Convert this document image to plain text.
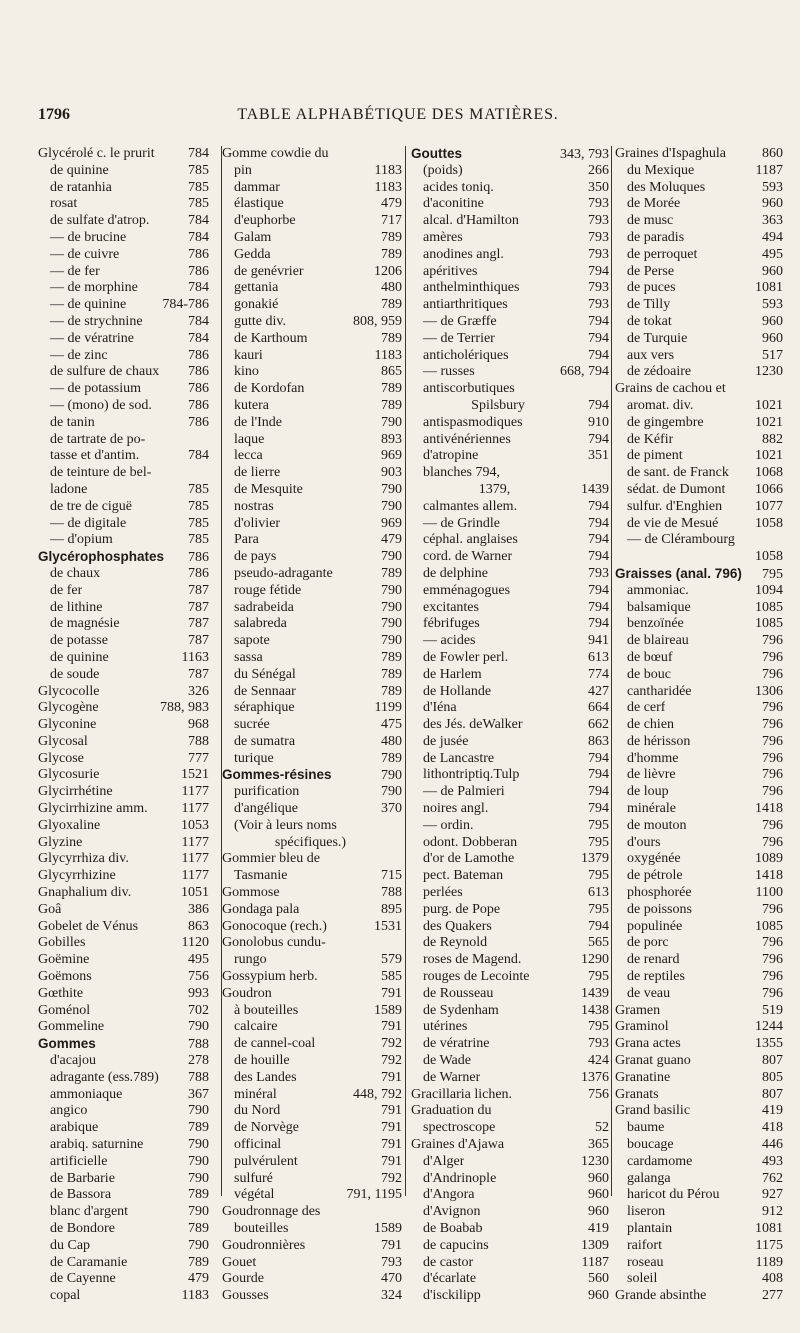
1796	TABLE ALPHABÉTIQUE DES MATIÈRES.
Glycérolé c. le prurit 784
de quinine	785
de ratanhia	785
rosat	785
de sulfate d'atrop.	784
— de brucine	784
— de cuivre	786
— de fer	786
— de morphine	784
— de quinine	784-786
— de strychnine	784
— de vératrine	784
— de zinc	786
de sulfure de chaux 786
— de potassium	786
— (mono) de sod.	786
de tanin	786
de tartrate de po-
tasse et d'antim.	784
de teinture de bel-
ladone	785
de tre de ciguë	785
— de digitale	785
— d'opium	785
Glycérophosphates 786
de chaux	786
de fer	787
de lithine	787
de magnésie	787
de potasse	787
de quinine	1163
de soude	787
Glycocolle	326
Glycogène	788, 983
Glyconine	968
Glycosal	788
Glycose	777
Glycosurie	1521
Glycirrhétine	1177
Glycirrhizine amm. 1177
Glyoxaline	1053
Glyzine	1177
Glycyrrhiza div.	1177
Glycyrrhizine	1177
Gnaphalium div.	1051
Goâ	386
Gobelet de Vénus	863
Gobilles	1120
Goëmine	495
Goëmons	756
Gœthite	993
Goménol	702
Gommeline	790
Gommes	788
d'acajou	278
adragante (ess.789) 788
ammoniaque	367
angico	790
arabique	789
arabiq. saturnine	790
artificielle	790
de Barbarie	790
de Bassora	789
blanc d'argent	790
de Bondore	789
du Cap	790
de Caramanie	789
de Cayenne	479
copal	1183
Gomme cowdie du
pin	1183
dammar	1183
élastique	479
d'euphorbe	717
Galam	789
Gedda	789
de genévrier	1206
gettania	480
gonakié	789
gutte div.	808, 959
de Karthoum	789
kauri	1183
kino	865
de Kordofan	789
kutera	789
de l'Inde	790
laque	893
lecca	969
de lierre	903
de Mesquite	790
nostras	790
d'olivier	969
Para	479
de pays	790
pseudo-adragante	789
rouge fétide	790
sadrabeida	790
salabreda	790
sapote	790
sassa	789
du Sénégal	789
de Sennaar	789
séraphique	1199
sucrée	475
de sumatra	480
turique	789
Gommes-résines	790
purification	790
d'angélique	370
(Voir à leurs noms
spécifiques.)
Gommier bleu de
Tasmanie	715
Gommose	788
Gondaga pala	895
Gonocoque (rech.)	1531
Gonolobus cundu-
rungo	579
Gossypium herb.	585
Goudron	791
à bouteilles	1589
calcaire	791
de cannel-coal	792
de houille	792
des Landes	791
minéral	448, 792
du Nord	791
de Norvège	791
officinal	791
pulvérulent	791
sulfuré	792
végétal	791, 1195
Goudronnage des
bouteilles	1589
Goudronnières	791
Gouet	793
Gourde	470
Gousses	324
Gouttes	343, 793
(poids)	266
acides toniq.	350
d'aconitine	793
alcal. d'Hamilton	793
amères	793
anodines angl.	793
apéritives	794
anthelminthiques	793
antiarthritiques	793
— de Græffe	794
— de Terrier	794
anticholériques	794
— russes	668, 794
antiscorbutiques
Spilsbury	794
antispasmodiques	910
antivénériennes	794
d'atropine	351
blanches 794,
1379,	1439
calmantes allem.	794
— de Grindle	794
céphal. anglaises	794
cord. de Warner	794
de delphine	793
emménagogues	794
excitantes	794
fébrifuges	794
— acides	941
de Fowler perl.	613
de Harlem	774
de Hollande	427
d'Iéna	664
des Jés. deWalker	662
de jusée	863
de Lancastre	794
lithontriptiq.Tulp	794
— de Palmieri	794
noires angl.	794
— ordin.	795
odont. Dobberan	795
d'or de Lamothe	1379
pect. Bateman	795
perlées	613
purg. de Pope	795
des Quakers	794
de Reynold	565
roses de Magend.	1290
rouges de Lecointe	795
de Rousseau	1439
de Sydenham	1438
utérines	795
de vératrine	793
de Wade	424
de Warner	1376
Gracillaria lichen.	756
Graduation du
spectroscope	52
Graines d'Ajawa	365
d'Alger	1230
d'Andrinople	960
d'Angora	960
d'Avignon	960
de Boabab	419
de capucins	1309
de castor	1187
d'écarlate	560
d'isckilipp	960
Graines d'Ispaghula	860
du Mexique	1187
des Moluques	593
de Morée	960
de musc	363
de paradis	494
de perroquet	495
de Perse	960
de puces	1081
de Tilly	593
de tokat	960
de Turquie	960
aux vers	517
de zédoaire	1230
Grains de cachou et
aromat. div.	1021
de gingembre	1021
de Kéfir	882
de piment	1021
de sant. de Franck 1068
sédat. de Dumont 1066
sulfur. d'Enghien 1077
de vie de Mesué	1058
— de Clérambourg
1058
Graisses (anal. 796) 795
ammoniac.	1094
balsamique	1085
benzoïnée	1085
de blaireau	796
de bœuf	796
de bouc	796
cantharidée	1306
de cerf	796
de chien	796
de hérisson	796
d'homme	796
de lièvre	796
de loup	796
minérale	1418
de mouton	796
d'ours	796
oxygénée	1089
de pétrole	1418
phosphorée	1100
de poissons	796
populinée	1085
de porc	796
de renard	796
de reptiles	796
de veau	796
Gramen	519
Graminol	1244
Grana actes	1355
Granat guano	807
Granatine	805
Granats	807
Grand basilic	419
baume	418
boucage	446
cardamome	493
galanga	762
haricot du Pérou	927
liseron	912
plantain	1081
raifort	1175
roseau	1189
soleil	408
Grande absinthe	277
